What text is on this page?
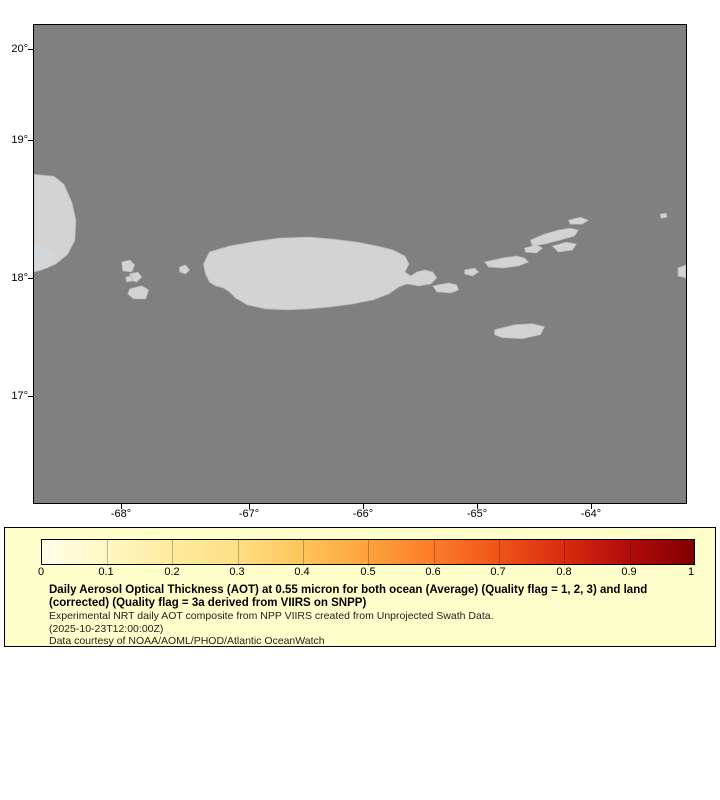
20°
19°
18°
17°
-68°	-67°	-66°	-65°	-64°
0	0.1	0.2	0.3	0.4	0.5	0.6	0.7	0.8	0.9	1

Daily Aerosol Optical Thickness (AOT) at 0.55 micron for both ocean (Average) (Quality flag = 1, 2, 3) and land (corrected) (Quality flag = 3a derived from VIIRS on SNPP)

Experimental NRT daily AOT composite from NPP VIIRS created from Unprojected Swath Data.

(2025-10-23T12:00:00Z)

Data courtesy of NOAA/AOML/PHOD/Atlantic OceanWatch
